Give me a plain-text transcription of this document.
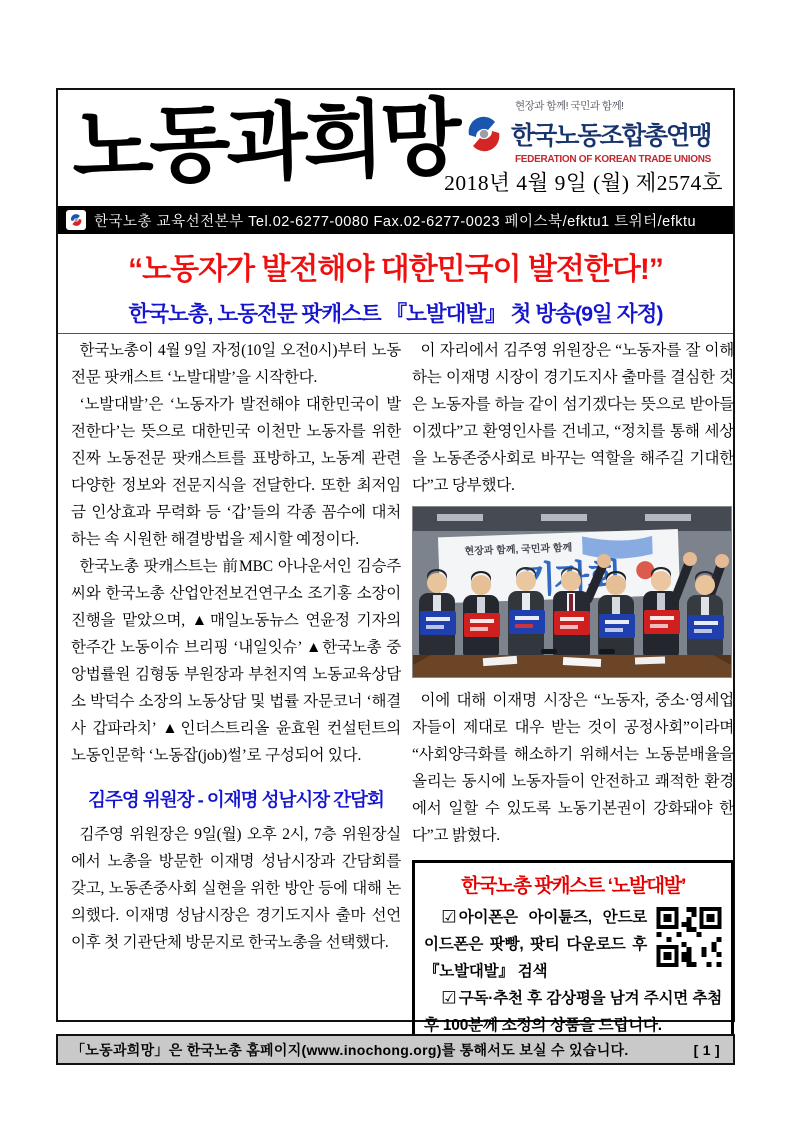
노동과희망	현장과 함께! 국민과 함께!
한국노동조합총연맹
FEDERATION OF KOREAN TRADE UNIONS
2018년 4월 9일 (월) 제2574호
한국노총 교육선전본부 Tel.02-6277-0080 Fax.02-6277-0023 페이스북/efktu1 트위터/efktu
“노동자가 발전해야 대한민국이 발전한다!”
한국노총, 노동전문 팟캐스트 『노발대발』 첫 방송(9일 자정)

한국노총이 4월 9일 자정(10일 오전0시)부터 노동전문 팟캐스트 ‘노발대발’을 시작한다.

‘노발대발’은 ‘노동자가 발전해야 대한민국이 발전한다’는 뜻으로 대한민국 이천만 노동자를 위한 진짜 노동전문 팟캐스트를 표방하고, 노동계 관련 다양한 정보와 전문지식을 전달한다. 또한 최저임금 인상효과 무력화 등 ‘갑’들의 각종 꼼수에 대처하는 속 시원한 해결방법을 제시할 예정이다.

한국노총 팟캐스트는 前MBC 아나운서인 김승주씨와 한국노총 산업안전보건연구소 조기홍 소장이 진행을 맡았으며, ▲매일노동뉴스 연윤정 기자의 한주간 노동이슈 브리핑 ‘내일잇슈’ ▲한국노총 중앙법률원 김형동 부원장과 부천지역 노동교육상담소 박덕수 소장의 노동상담 및 법률 자문코너 ‘해결사 갑파라치’ ▲인더스트리올 윤효원 컨설턴트의 노동인문학 ‘노동잡(job)썰’로 구성되어 있다.

김주영 위원장 - 이재명 성남시장 간담회

김주영 위원장은 9일(월) 오후 2시, 7층 위원장실에서 노총을 방문한 이재명 성남시장과 간담회를 갖고, 노동존중사회 실현을 위한 방안 등에 대해 논의했다. 이재명 성남시장은 경기도지사 출마 선언 이후 첫 기관단체 방문지로 한국노총을 선택했다.

이 자리에서 김주영 위원장은 “노동자를 잘 이해하는 이재명 시장이 경기도지사 출마를 결심한 것은 노동자를 하늘 같이 섬기겠다는 뜻으로 받아들이겠다”고 환영인사를 건네고, “정치를 통해 세상을 노동존중사회로 바꾸는 역할을 해주길 기대한다”고 당부했다.

현장과 함께, 국민과 함께

이에 대해 이재명 시장은 “노동자, 중소·영세업자들이 제대로 대우 받는 것이 공정사회”이라며 “사회양극화를 해소하기 위해서는 노동분배율을 올리는 동시에 노동자들이 안전하고 쾌적한 환경에서 일할 수 있도록 노동기본권이 강화돼야 한다”고 밝혔다.

한국노총 팟캐스트 ‘노발대발’

☑ 아이폰은 아이튠즈, 안드로이드폰은 팟빵, 팟티 다운로드 후 『노발대발』 검색

☑ 구독·추천 후 감상평을 남겨 주시면 추첨후 100분께 소정의 상품을 드립니다.

「노동과희망」은 한국노총 홈페이지(www.inochong.org)를 통해서도 보실 수 있습니다.	[ 1 ]
